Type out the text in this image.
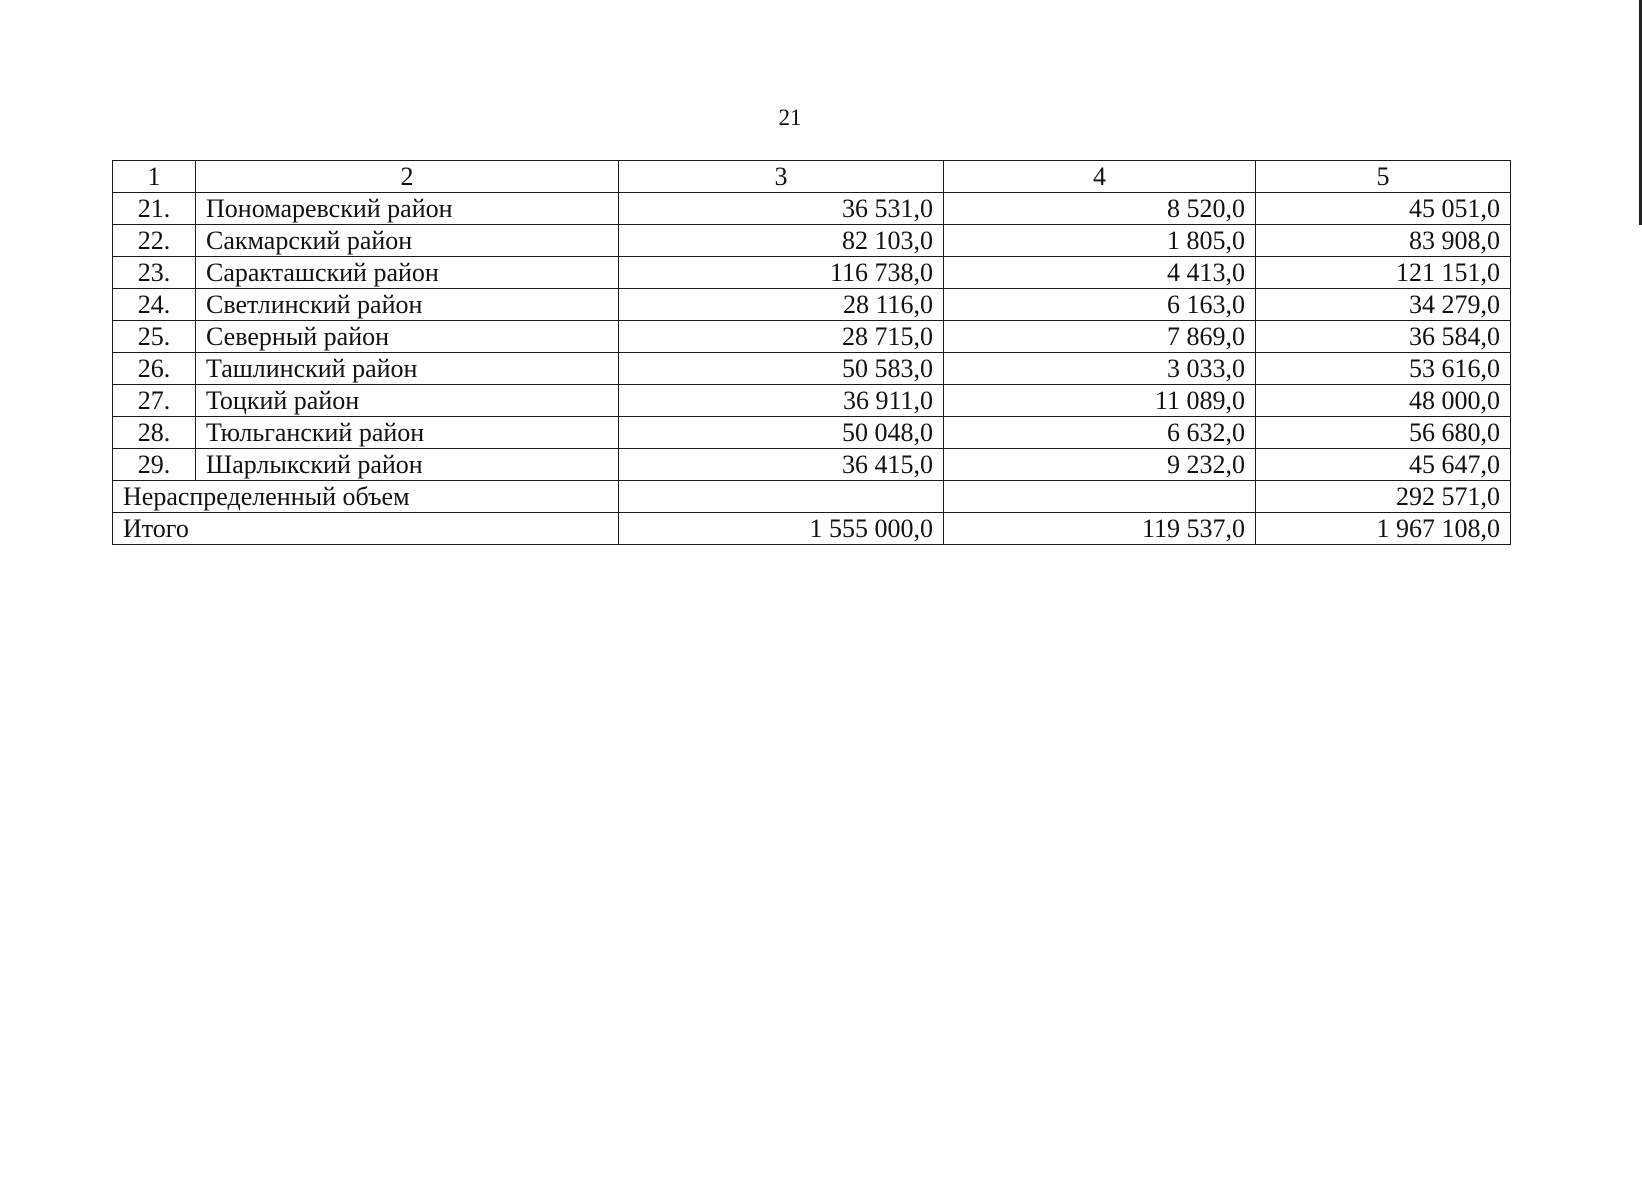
21
1	2	3	4	5
21.	Пономаревский район	36 531,0	8 520,0	45 051,0
22.	Сакмарский район	82 103,0	1 805,0	83 908,0
23.	Саракташский район	116 738,0	4 413,0	121 151,0
24.	Светлинский район	28 116,0	6 163,0	34 279,0
25.	Северный район	28 715,0	7 869,0	36 584,0
26.	Ташлинский район	50 583,0	3 033,0	53 616,0
27.	Тоцкий район	36 911,0	11 089,0	48 000,0
28.	Тюльганский район	50 048,0	6 632,0	56 680,0
29.	Шарлыкский район	36 415,0	9 232,0	45 647,0
Нераспределенный объем				292 571,0
Итого		1 555 000,0	119 537,0	1 967 108,0
